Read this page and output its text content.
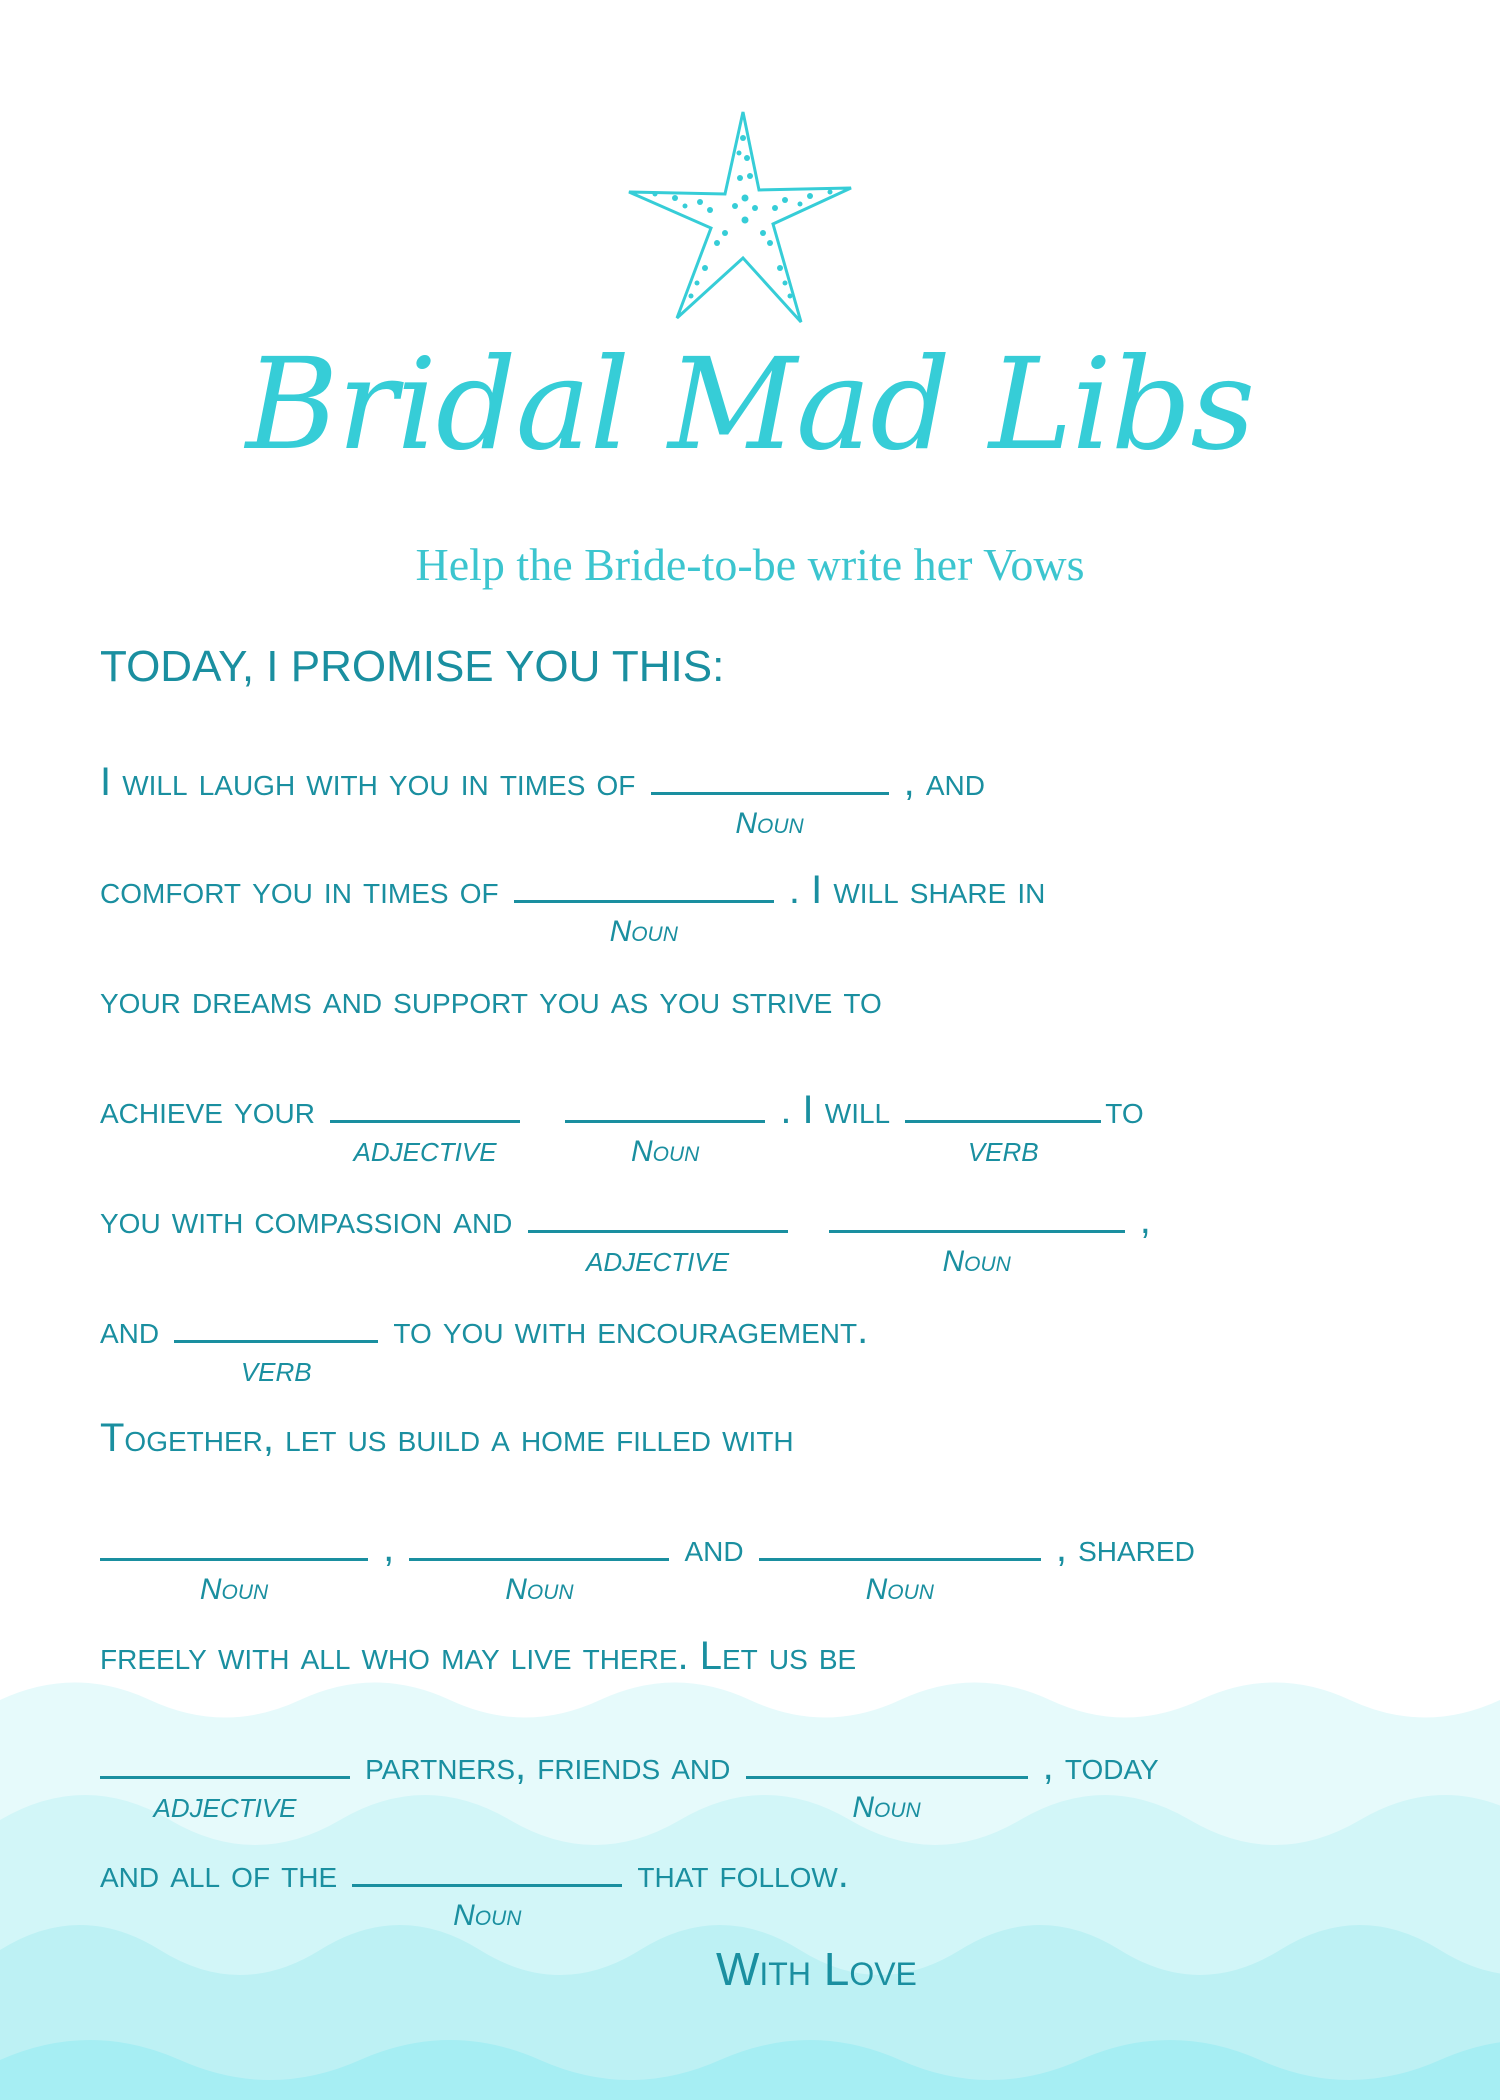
Bridal Mad Libs
Help the Bride-to-be write her Vows
TODAY, I PROMISE YOU THIS:
I will laugh with you in times of
Noun
, and
comfort you in times of
Noun
. I will share in
your dreams and support you as you strive to
achieve your
ADJECTIVE
	Noun
. I will
VERB
to
you with compassion and
ADJECTIVE
	Noun
,
and
VERB
to you with encouragement.
Together, let us build a home filled with
Noun
,
Noun
and
Noun
, shared
freely with all who may live there. Let us be
ADJECTIVE
partners, friends and
Noun
, today
and all of the
Noun
that follow.
With Love
